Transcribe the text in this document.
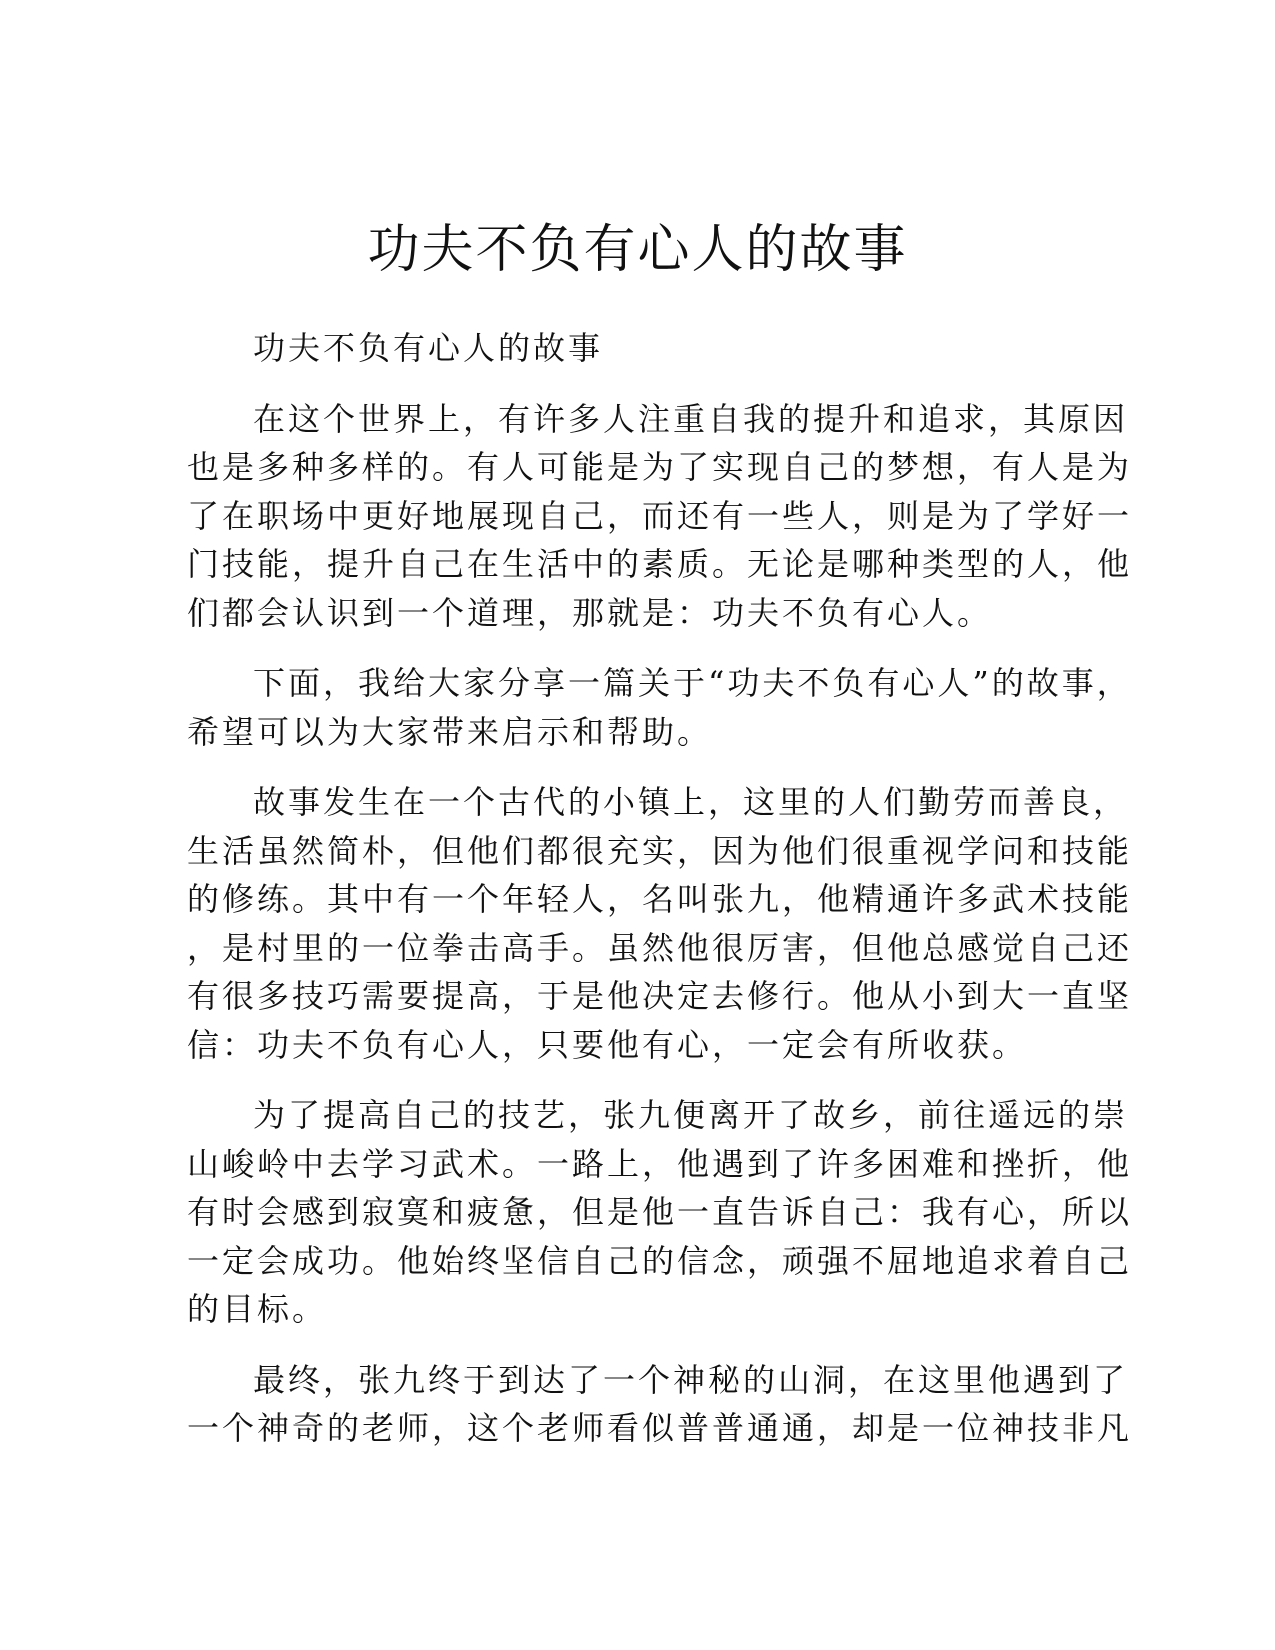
功夫不负有心人的故事
功夫不负有心人的故事
在这个世界上，有许多人注重自我的提升和追求，其原因
也是多种多样的。有人可能是为了实现自己的梦想，有人是为
了在职场中更好地展现自己，而还有一些人，则是为了学好一
门技能，提升自己在生活中的素质。无论是哪种类型的人，他
们都会认识到一个道理，那就是：功夫不负有心人。
下面，我给大家分享一篇关于“功夫不负有心人”的故事，
希望可以为大家带来启示和帮助。
故事发生在一个古代的小镇上，这里的人们勤劳而善良，
生活虽然简朴，但他们都很充实，因为他们很重视学问和技能
的修练。其中有一个年轻人，名叫张九，他精通许多武术技能
，是村里的一位拳击高手。虽然他很厉害，但他总感觉自己还
有很多技巧需要提高，于是他决定去修行。他从小到大一直坚
信：功夫不负有心人，只要他有心，一定会有所收获。
为了提高自己的技艺，张九便离开了故乡，前往遥远的崇
山峻岭中去学习武术。一路上，他遇到了许多困难和挫折，他
有时会感到寂寞和疲惫，但是他一直告诉自己：我有心，所以
一定会成功。他始终坚信自己的信念，顽强不屈地追求着自己
的目标。
最终，张九终于到达了一个神秘的山洞，在这里他遇到了
一个神奇的老师，这个老师看似普普通通，却是一位神技非凡
